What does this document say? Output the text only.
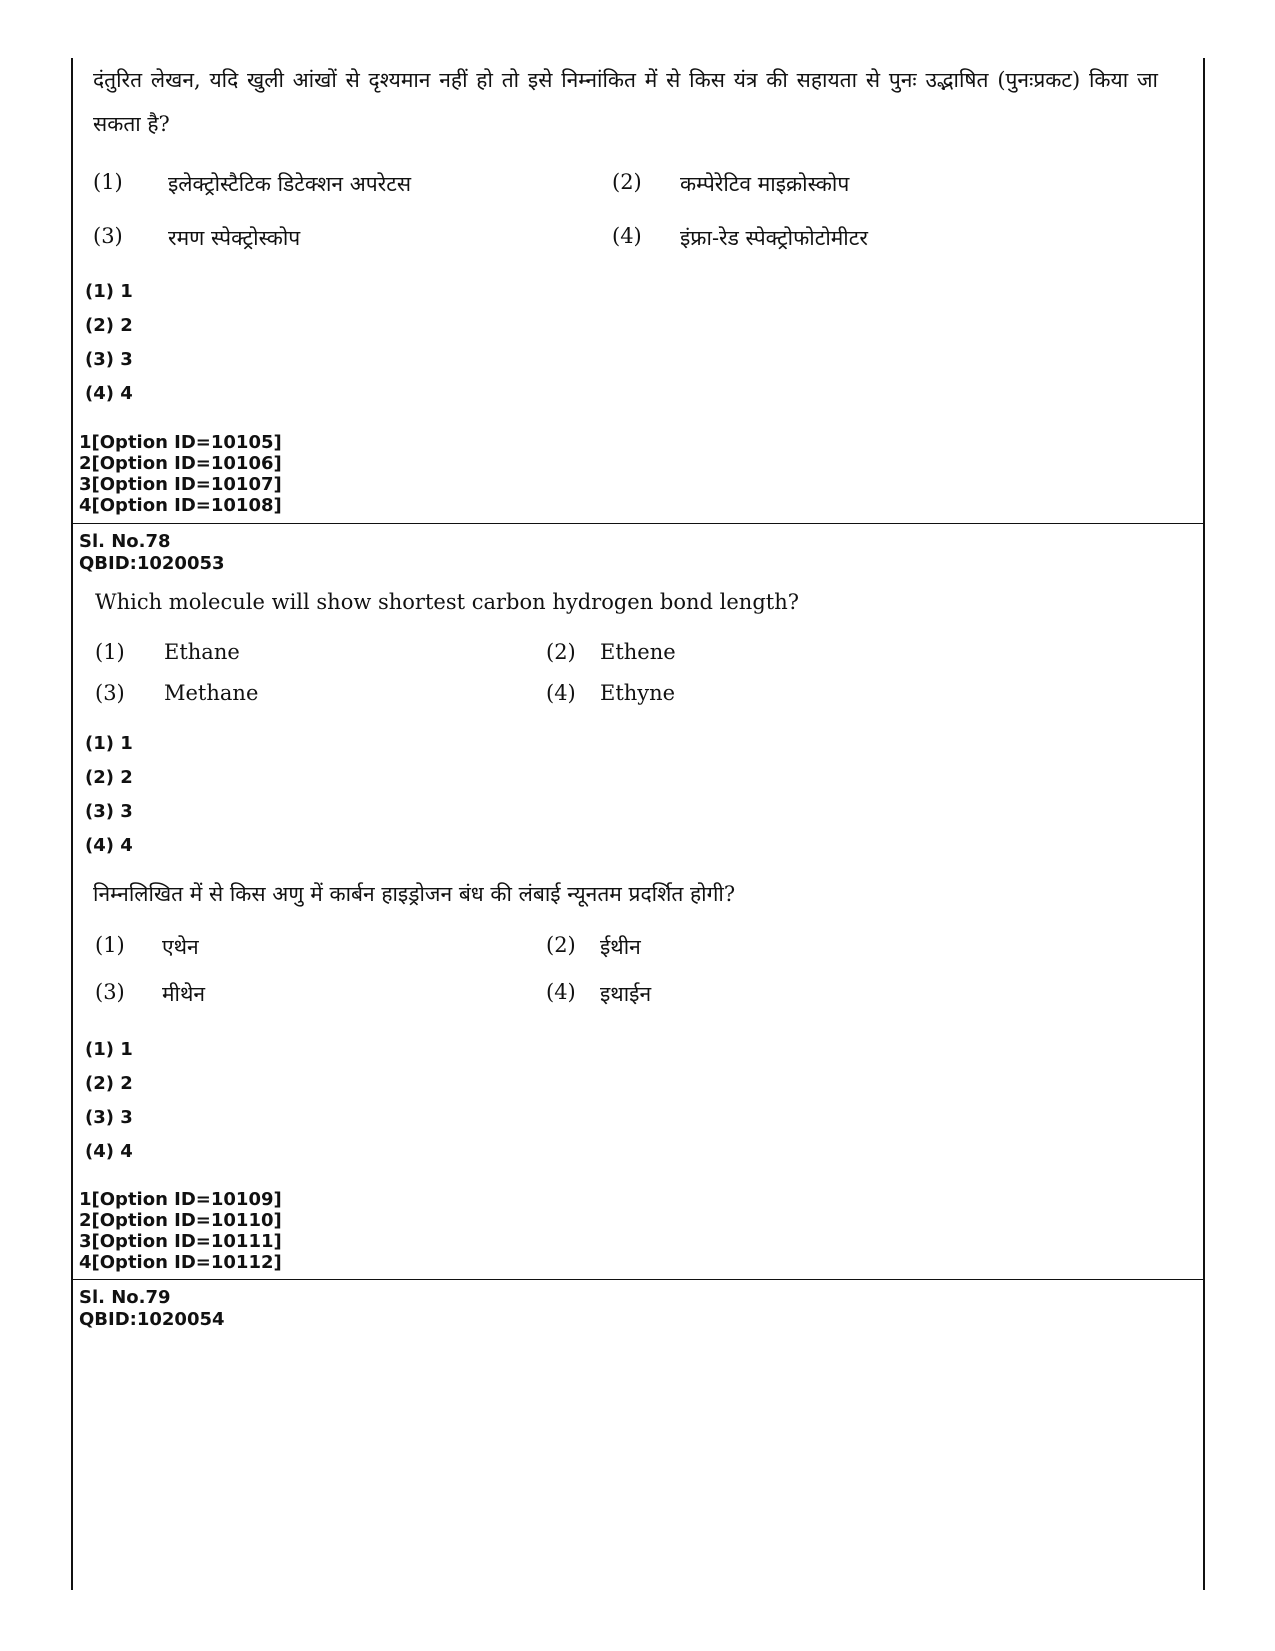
दंतुरित लेखन, यदि खुली आंखों से दृश्यमान नहीं हो तो इसे निम्नांकित में से किस यंत्र की सहायता से पुनः उद्भाषित (पुनःप्रकट) किया जा सकता है?
(1) इलेक्ट्रोस्टैटिक डिटेक्शन अपरेटस	(2) कम्पेरेटिव माइक्रोस्कोप
(3) रमण स्पेक्ट्रोस्कोप	(4) इंफ्रा-रेड स्पेक्ट्रोफोटोमीटर
(1) 1
(2) 2
(3) 3
(4) 4
1[Option ID=10105]
2[Option ID=10106]
3[Option ID=10107]
4[Option ID=10108]
Sl. No.78
QBID:1020053
Which molecule will show shortest carbon hydrogen bond length?
(1) Ethane	(2) Ethene
(3) Methane	(4) Ethyne
(1) 1
(2) 2
(3) 3
(4) 4
निम्नलिखित में से किस अणु में कार्बन हाइड्रोजन बंध की लंबाई न्यूनतम प्रदर्शित होगी?
(1) एथेन	(2) ईथीन
(3) मीथेन	(4) इथाईन
(1) 1
(2) 2
(3) 3
(4) 4
1[Option ID=10109]
2[Option ID=10110]
3[Option ID=10111]
4[Option ID=10112]
Sl. No.79
QBID:1020054
